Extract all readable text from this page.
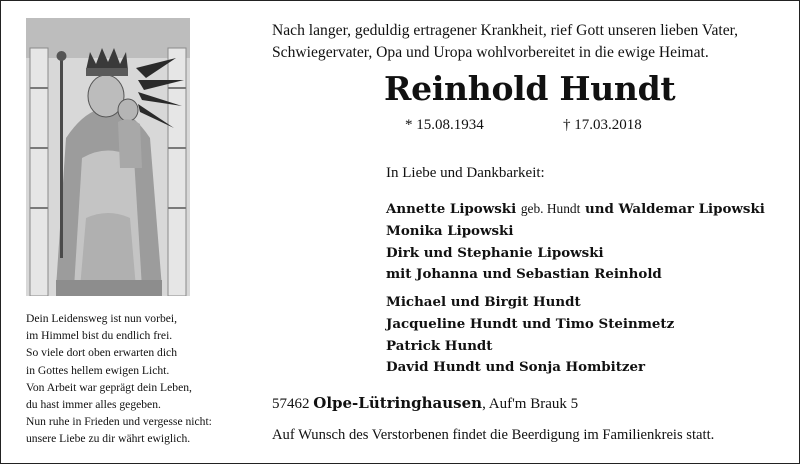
Dein Leidensweg ist nun vorbei,
im Himmel bist du endlich frei.
So viele dort oben erwarten dich
in Gottes hellem ewigen Licht.
Von Arbeit war geprägt dein Leben,
du hast immer alles gegeben.
Nun ruhe in Frieden und vergesse nicht:
unsere Liebe zu dir währt ewiglich.
Nach langer, geduldig ertragener Krankheit, rief Gott unseren lieben Vater,
Schwiegervater, Opa und Uropa wohlvorbereitet in die ewige Heimat.
Reinhold Hundt
* 15.08.1934	† 17.03.2018
In Liebe und Dankbarkeit:
Annette Lipowski geb. Hundt und Waldemar Lipowski
Monika Lipowski
Dirk und Stephanie Lipowski
mit Johanna und Sebastian Reinhold
Michael und Birgit Hundt
Jacqueline Hundt und Timo Steinmetz
Patrick Hundt
David Hundt und Sonja Hombitzer
57462 Olpe-Lütringhausen, Auf'm Brauk 5
Auf Wunsch des Verstorbenen findet die Beerdigung im Familienkreis statt.
